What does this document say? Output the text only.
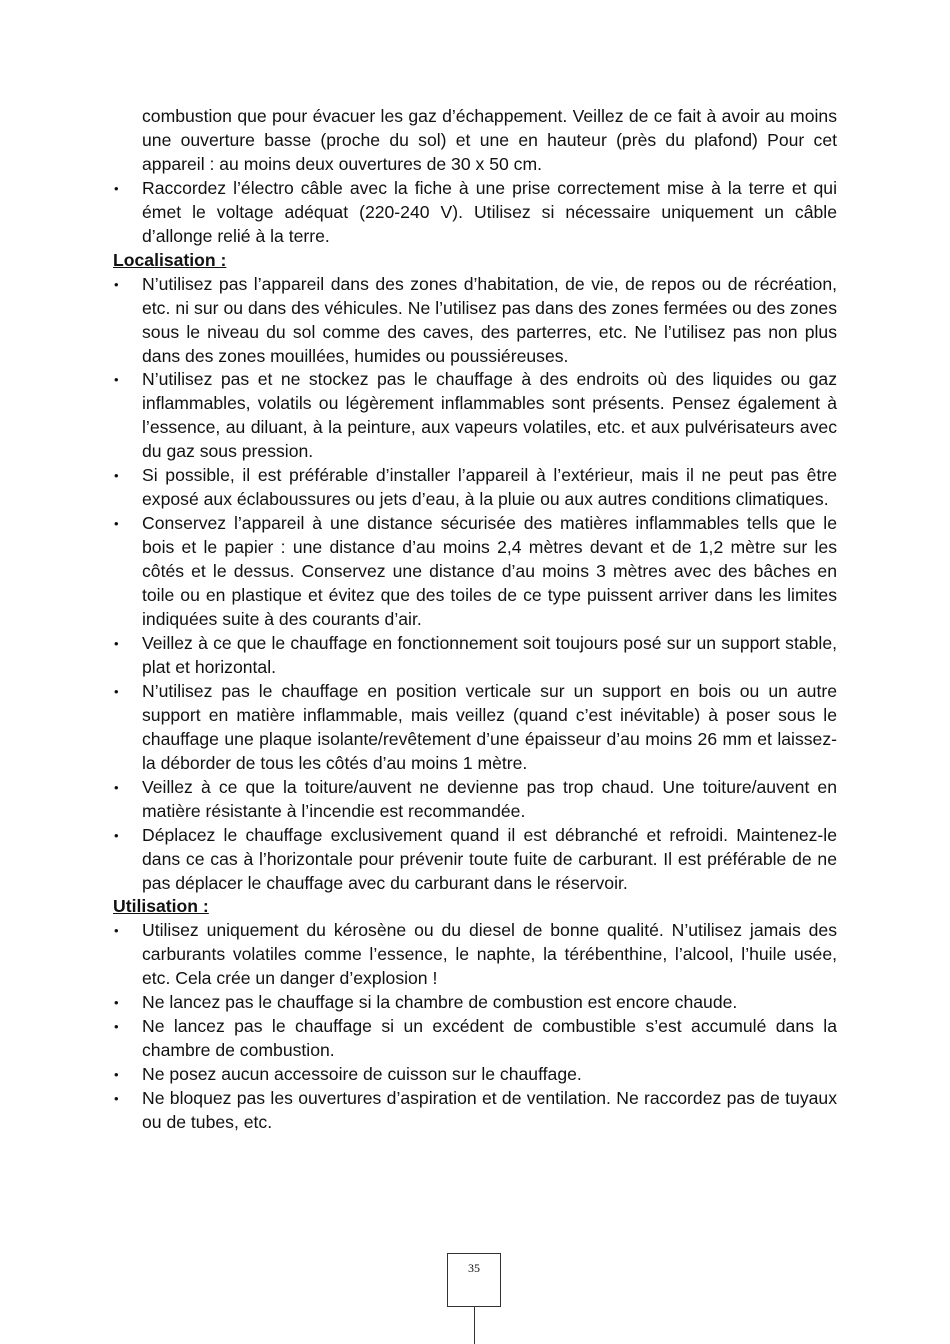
combustion que pour évacuer les gaz d’échappement. Veillez de ce fait à avoir au moins une ouverture basse (proche du sol) et une en hauteur (près du plafond) Pour cet appareil : au moins deux ouvertures de 30 x 50 cm.

• Raccordez l’électro câble avec la fiche à une prise correctement mise à la terre et qui émet le voltage adéquat (220-240 V). Utilisez si nécessaire uniquement un câble d’allonge relié à la terre.

Localisation :

• N’utilisez pas l’appareil dans des zones d’habitation, de vie, de repos ou de récréation, etc. ni sur ou dans des véhicules. Ne l’utilisez pas dans des zones fermées ou des zones sous le niveau du sol comme des caves, des parterres, etc. Ne l’utilisez pas non plus dans des zones mouillées, humides ou poussiéreuses.
• N’utilisez pas et ne stockez pas le chauffage à des endroits où des liquides ou gaz inflammables, volatils ou légèrement inflammables sont présents. Pensez également à l’essence, au diluant, à la peinture, aux vapeurs volatiles, etc. et aux pulvérisateurs avec du gaz sous pression.
• Si possible, il est préférable d’installer l’appareil à l’extérieur, mais il ne peut pas être exposé aux éclaboussures ou jets d’eau, à la pluie ou aux autres conditions climatiques.
• Conservez l’appareil à une distance sécurisée des matières inflammables tells que le bois et le papier : une distance d’au moins 2,4 mètres devant et de 1,2 mètre sur les côtés et le dessus. Conservez une distance d’au moins 3 mètres avec des bâches en toile ou en plastique et évitez que des toiles de ce type puissent arriver dans les limites indiquées suite à des courants d’air.
• Veillez à ce que le chauffage en fonctionnement soit toujours posé sur un support stable, plat et horizontal.
• N’utilisez pas le chauffage en position verticale sur un support en bois ou un autre support en matière inflammable, mais veillez (quand c’est inévitable) à poser sous le chauffage une plaque isolante/revêtement d’une épaisseur d’au moins 26 mm et laissez-la déborder de tous les côtés d’au moins 1 mètre.
• Veillez à ce que la toiture/auvent ne devienne pas trop chaud. Une toiture/auvent en matière résistante à l’incendie est recommandée.
• Déplacez le chauffage exclusivement quand il est débranché et refroidi. Maintenez-le dans ce cas à l’horizontale pour prévenir toute fuite de carburant. Il est préférable de ne pas déplacer le chauffage avec du carburant dans le réservoir.

Utilisation :

• Utilisez uniquement du kérosène ou du diesel de bonne qualité. N’utilisez jamais des carburants volatiles comme l’essence, le naphte, la térébenthine, l’alcool, l’huile usée, etc. Cela crée un danger d’explosion !
• Ne lancez pas le chauffage si la chambre de combustion est encore chaude.
• Ne lancez pas le chauffage si un excédent de combustible s’est accumulé dans la chambre de combustion.
• Ne posez aucun accessoire de cuisson sur le chauffage.
• Ne bloquez pas les ouvertures d’aspiration et de ventilation. Ne raccordez pas de tuyaux ou de tubes, etc.
35
